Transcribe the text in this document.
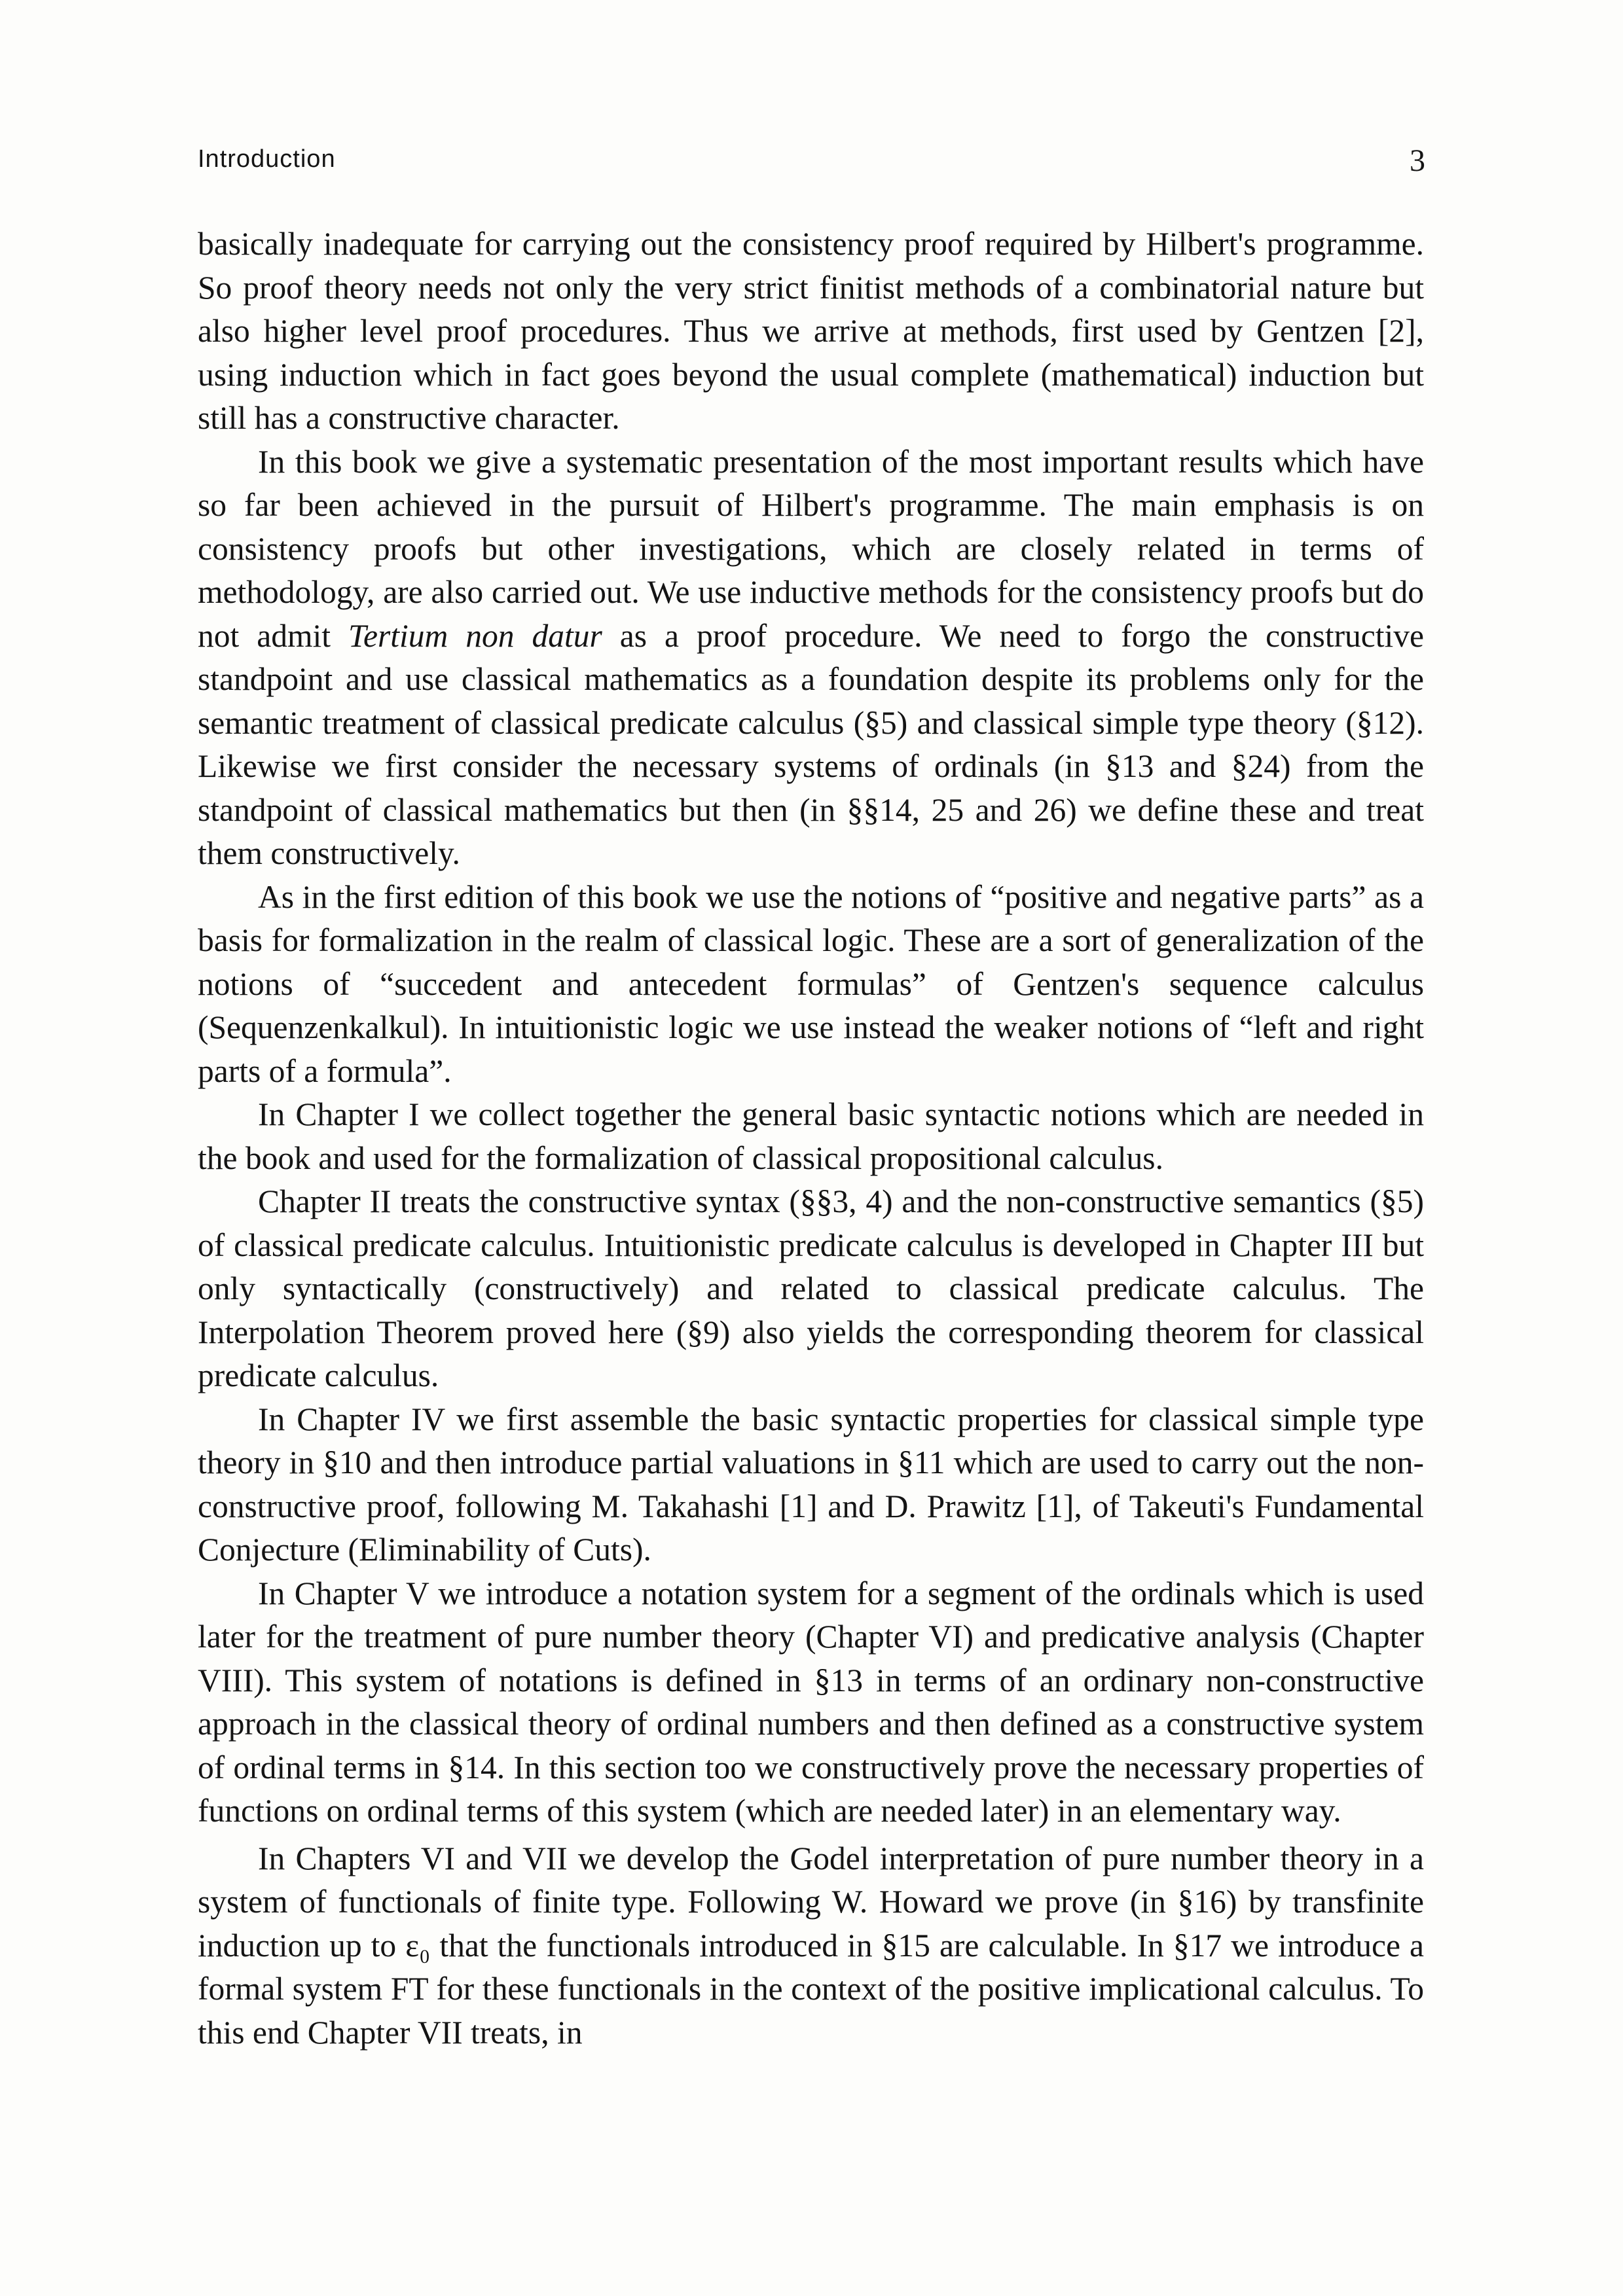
Introduction	3

basically inadequate for carrying out the consistency proof required by Hilbert's programme. So proof theory needs not only the very strict finitist methods of a combinatorial nature but also higher level proof procedures. Thus we arrive at methods, first used by Gentzen [2], using induction which in fact goes beyond the usual complete (mathematical) induction but still has a constructive character.

In this book we give a systematic presentation of the most important results which have so far been achieved in the pursuit of Hilbert's programme. The main emphasis is on consistency proofs but other investigations, which are closely related in terms of methodology, are also carried out. We use inductive methods for the consistency proofs but do not admit Tertium non datur as a proof procedure. We need to forgo the constructive standpoint and use classical mathematics as a foundation despite its problems only for the semantic treatment of classical predicate calculus (§5) and classical simple type theory (§12). Likewise we first consider the necessary systems of ordinals (in §13 and §24) from the standpoint of classical mathematics but then (in §§14, 25 and 26) we define these and treat them constructively.

As in the first edition of this book we use the notions of “positive and negative parts” as a basis for formalization in the realm of classical logic. These are a sort of generalization of the notions of “succedent and antecedent formulas” of Gentzen's sequence calculus (Sequenzenkalkul). In intuitionistic logic we use instead the weaker notions of “left and right parts of a formula”.

In Chapter I we collect together the general basic syntactic notions which are needed in the book and used for the formalization of classical propositional calculus.

Chapter II treats the constructive syntax (§§3, 4) and the non-constructive semantics (§5) of classical predicate calculus. Intuitionistic predicate calculus is developed in Chapter III but only syntactically (constructively) and related to classical predicate calculus. The Interpolation Theorem proved here (§9) also yields the corresponding theorem for classical predicate calculus.

In Chapter IV we first assemble the basic syntactic properties for classical simple type theory in §10 and then introduce partial valuations in §11 which are used to carry out the non-constructive proof, following M. Takahashi [1] and D. Prawitz [1], of Takeuti's Fundamental Conjecture (Eliminability of Cuts).

In Chapter V we introduce a notation system for a segment of the ordinals which is used later for the treatment of pure number theory (Chapter VI) and predicative analysis (Chapter VIII). This system of notations is defined in §13 in terms of an ordinary non-constructive approach in the classical theory of ordinal numbers and then defined as a constructive system of ordinal terms in §14. In this section too we constructively prove the necessary properties of functions on ordinal terms of this system (which are needed later) in an elementary way.

In Chapters VI and VII we develop the Godel interpretation of pure number theory in a system of functionals of finite type. Following W. Howard we prove (in §16) by transfinite induction up to ε₀ that the functionals introduced in §15 are calculable. In §17 we introduce a formal system FT for these functionals in the context of the positive implicational calculus. To this end Chapter VII treats, in
